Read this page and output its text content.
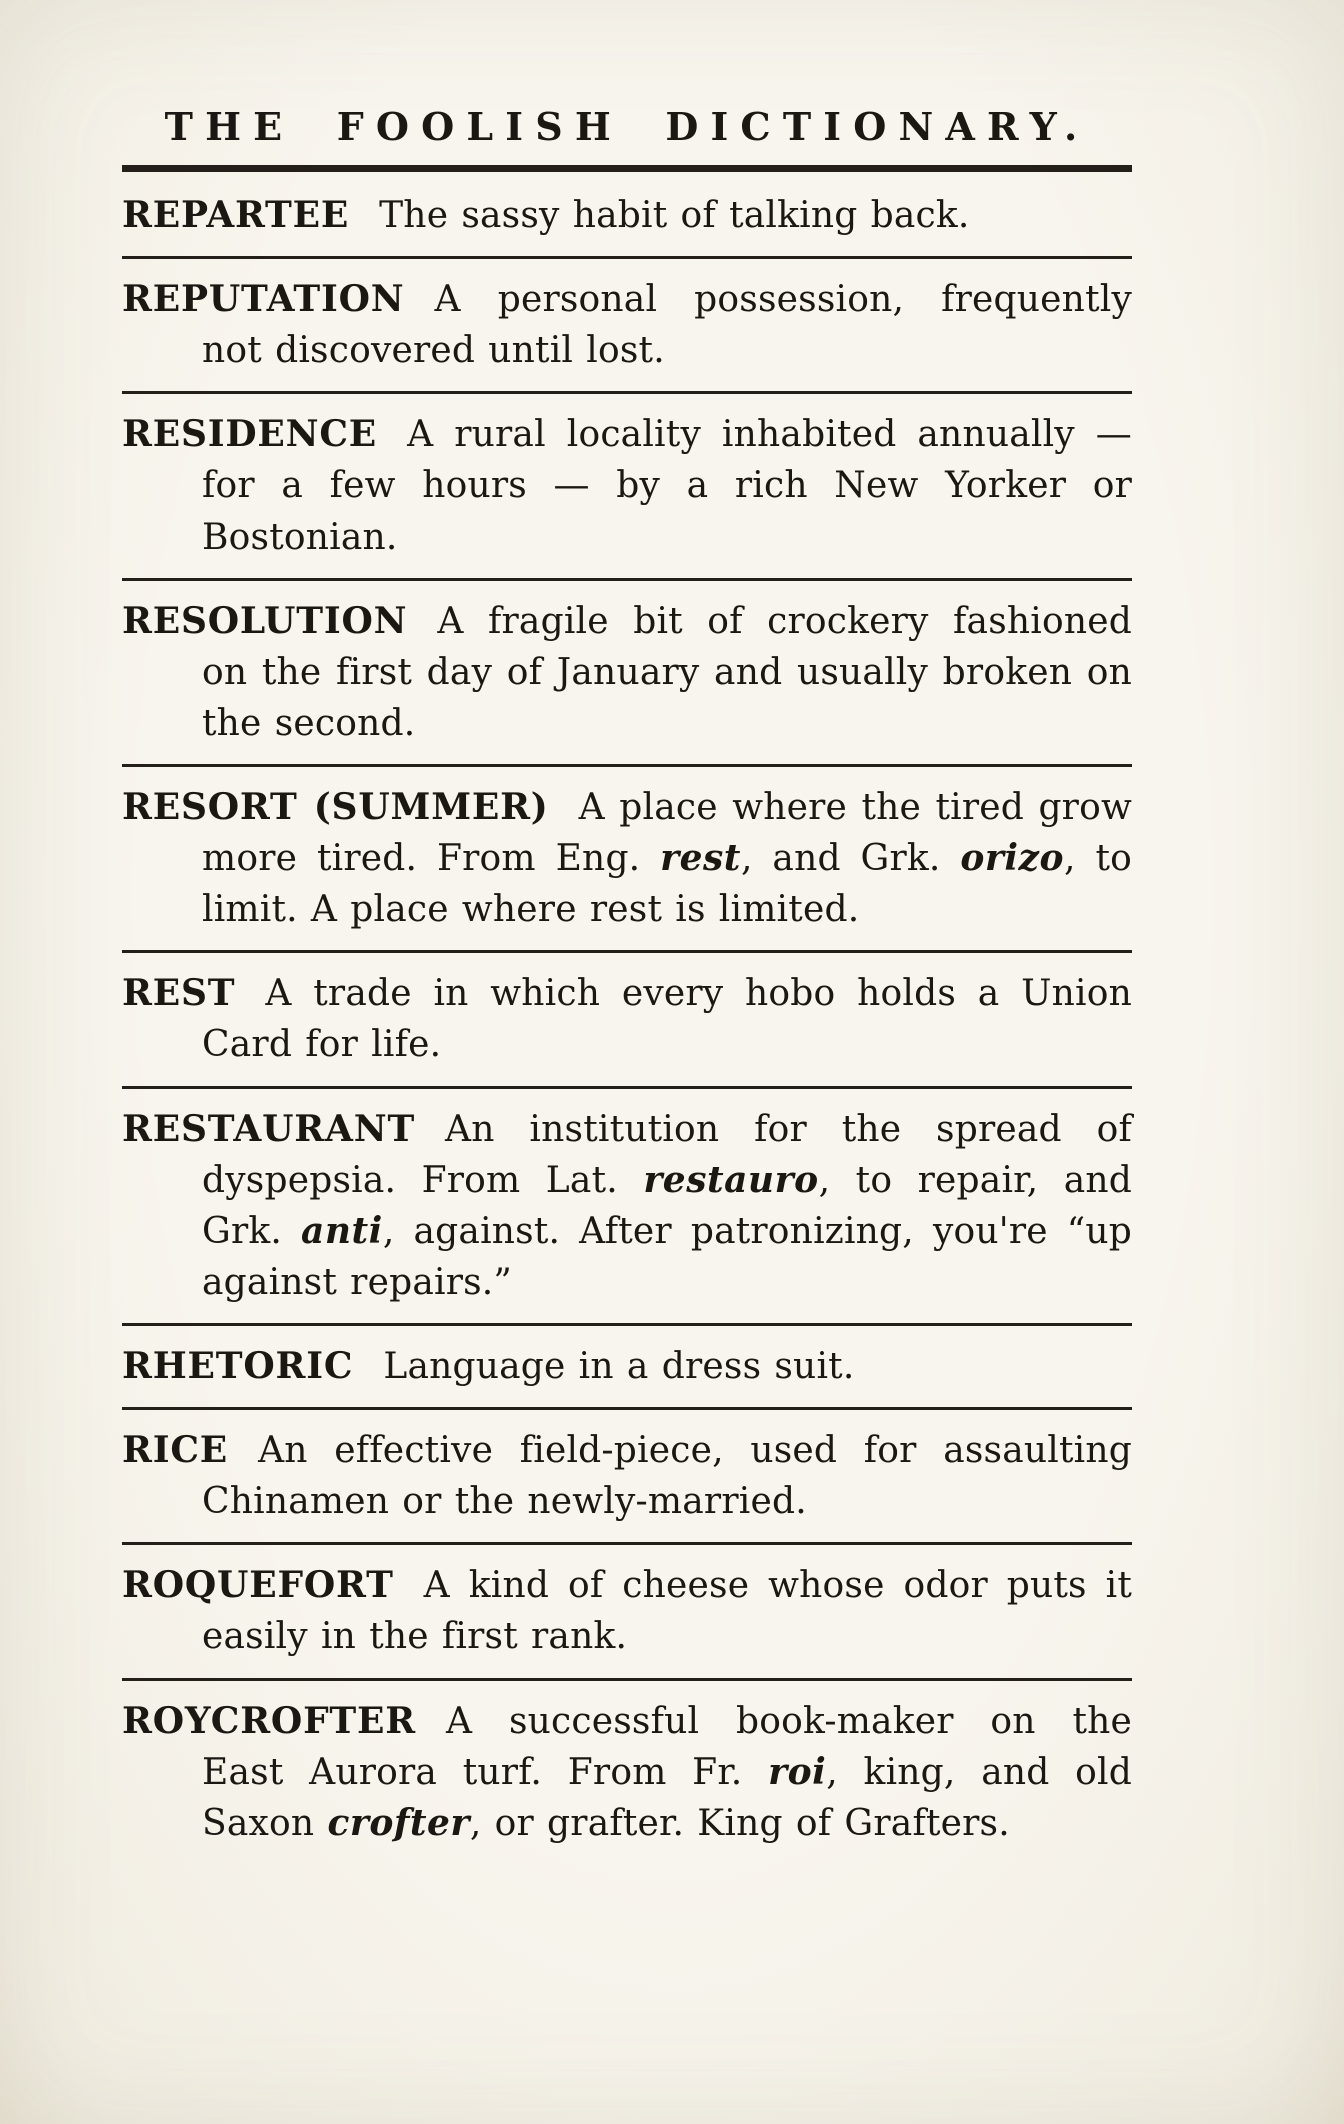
THE FOOLISH DICTIONARY.

REPARTEE The sassy habit of talking back.

REPUTATION A personal possession, frequently not discovered until lost.

RESIDENCE A rural locality inhabited annually — for a few hours — by a rich New Yorker or Bostonian.

RESOLUTION A fragile bit of crockery fashioned on the first day of January and usually broken on the second.

RESORT (SUMMER) A place where the tired grow more tired. From Eng. rest, and Grk. orizo, to limit. A place where rest is limited.

REST A trade in which every hobo holds a Union Card for life.

RESTAURANT An institution for the spread of dyspepsia. From Lat. restauro, to repair, and Grk. anti, against. After patronizing, you're “up against repairs.”

RHETORIC Language in a dress suit.

RICE An effective field-piece, used for assaulting Chinamen or the newly-married.

ROQUEFORT A kind of cheese whose odor puts it easily in the first rank.

ROYCROFTER A successful book-maker on the East Aurora turf. From Fr. roi, king, and old Saxon crofter, or grafter. King of Grafters.
